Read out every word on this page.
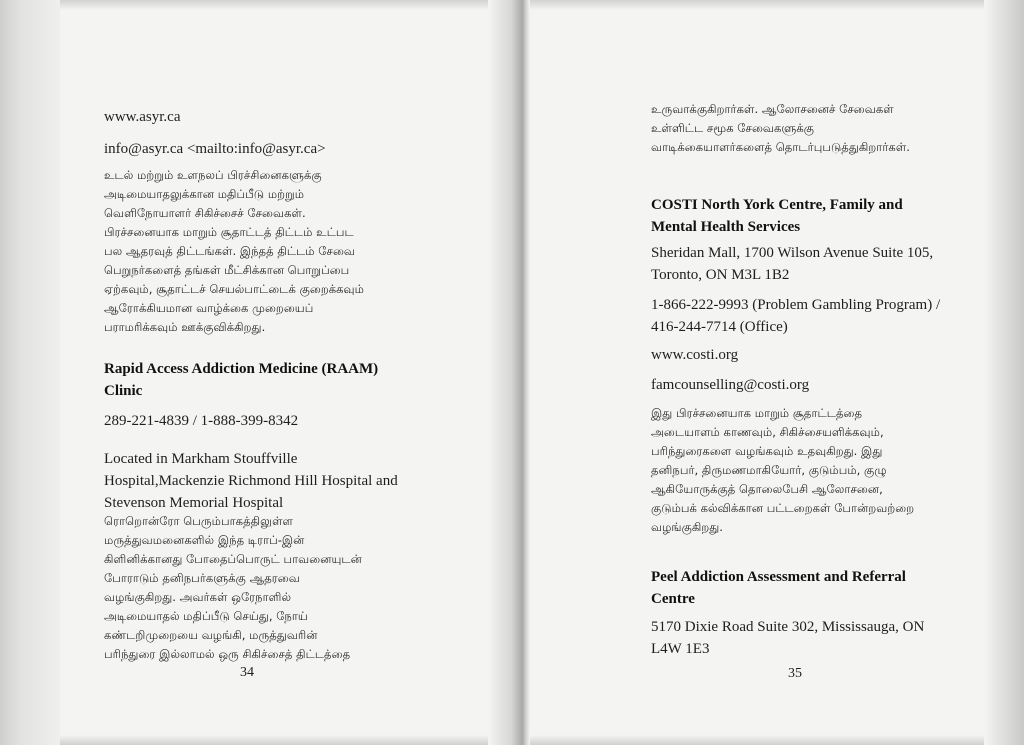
www.asyr.ca

info@asyr.ca <mailto:info@asyr.ca>

உடல் மற்றும் உளநலப் பிரச்சினைகளுக்கு
அடிமையாதலுக்கான மதிப்பீடு மற்றும்
வெளிநோயாளர் சிகிச்சைச் சேவைகள்.
பிரச்சனையாக மாறும் சூதாட்டத் திட்டம் உட்பட
பல ஆதரவுத் திட்டங்கள். இந்தத் திட்டம் சேவை
பெறுநர்களைத் தங்கள் மீட்சிக்கான பொறுப்பை
ஏற்கவும், சூதாட்டச் செயல்பாட்டைக் குறைக்கவும்
ஆரோக்கியமான வாழ்க்கை முறையைப்
பராமரிக்கவும் ஊக்குவிக்கிறது.

Rapid Access Addiction Medicine (RAAM)
Clinic

289-221-4839 / 1-888-399-8342

Located in Markham Stouffville
Hospital,Mackenzie Richmond Hill Hospital and
Stevenson Memorial Hospital

ரொறொன்ரோ பெரும்பாகத்திலுள்ள
மருத்துவமனைகளில் இந்த டிராப்-இன்
கிளினிக்கானது போதைப்பொருட் பாவனையுடன்
போராடும் தனிநபர்களுக்கு ஆதரவை
வழங்குகிறது. அவர்கள் ஒரேநாளில்
அடிமையாதல் மதிப்பீடு செய்து, நோய்
கண்டறிமுறையை வழங்கி, மருத்துவரின்
பரிந்துரை இல்லாமல் ஒரு சிகிச்சைத் திட்டத்தை

34

உருவாக்குகிறார்கள். ஆலோசனைச் சேவைகள்
உள்ளிட்ட சமூக சேவைகளுக்கு
வாடிக்கையாளர்களைத் தொடர்புபடுத்துகிறார்கள்.

COSTI North York Centre, Family and
Mental Health Services

Sheridan Mall, 1700 Wilson Avenue Suite 105,
Toronto, ON M3L 1B2

1-866-222-9993 (Problem Gambling Program) /
416-244-7714 (Office)

www.costi.org

famcounselling@costi.org

இது பிரச்சனையாக மாறும் சூதாட்டத்தை
அடையாளம் காணவும், சிகிச்சையளிக்கவும்,
பரிந்துரைகளை வழங்கவும் உதவுகிறது. இது
தனிநபர், திருமணமாகியோர், குடும்பம், குழு
ஆகியோருக்குத் தொலைபேசி ஆலோசனை,
குடும்பக் கல்விக்கான பட்டறைகள் போன்றவற்றை
வழங்குகிறது.

Peel Addiction Assessment and Referral
Centre

5170 Dixie Road Suite 302, Mississauga, ON
L4W 1E3

35
